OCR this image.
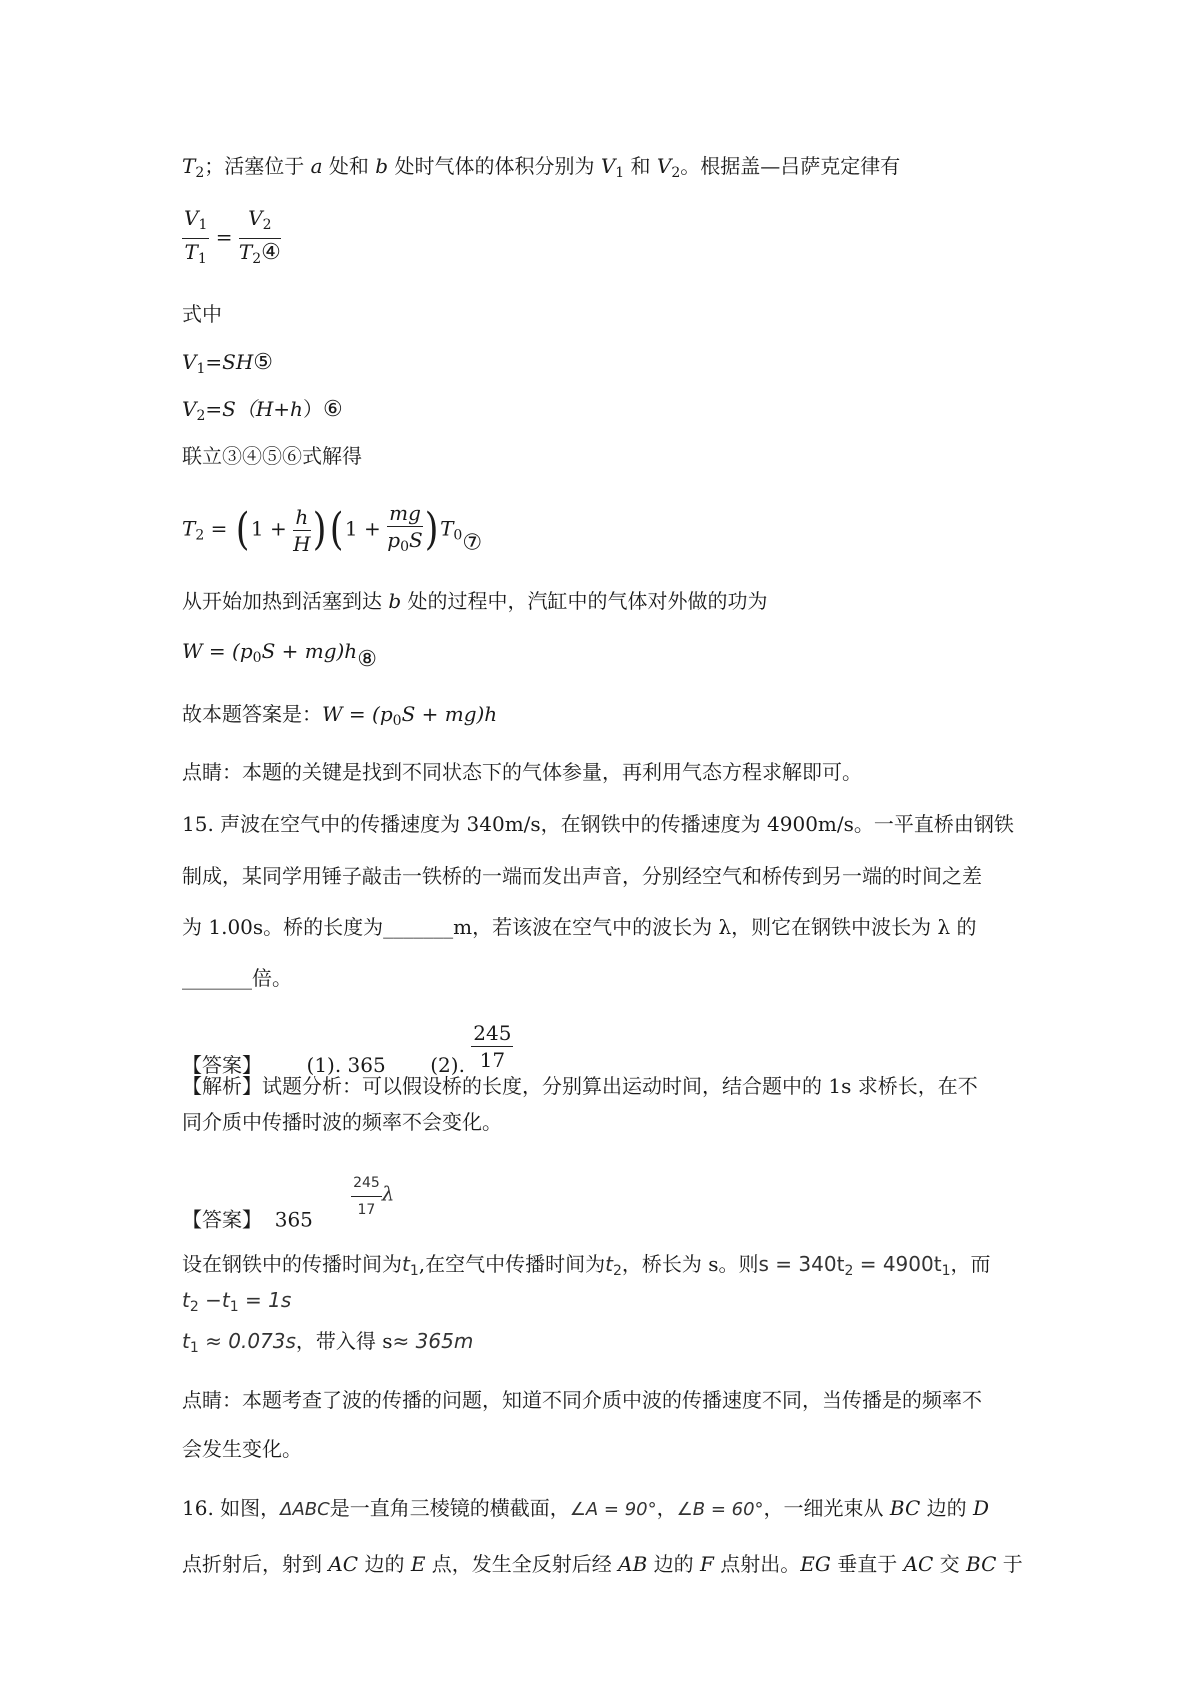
$T_2$；活塞位于 a 处和 b 处时气体的体积分别为 $V_1$ 和 $V_2$。根据盖—吕萨克定律有
$\frac{V_1}{T_1} = \frac{V_2}{T_2④}$
式中
$V_1=SH⑤$
$V_2=S(H+h)⑥$
联立③④⑤⑥式解得
$T_2 = (1 + \frac{h}{H} )(1 + \frac{mg}{p_0S}$ )$T_0⑦$
从开始加热到活塞到达 b 处的过程中，汽缸中的气体对外做的功为
$W = (p_0S$ + mg)h⑧
故本题答案是：$W = (p_0S + mg)h$
点睛：本题的关键是找到不同状态下的气体参量，再利用气态方程求解即可。
15. 声波在空气中的传播速度为 340m/s，在钢铁中的传播速度为 4900m/s。一平直桥由钢铁
制成，某同学用锤子敲击一铁桥的一端而发出声音，分别经空气和桥传到另一端的时间之差
为 1.00s。桥的长度为_______m，若该波在空气中的波长为 λ，则它在钢铁中波长为 λ 的
_______倍。
【答案】 (1). 365 (2). $\frac{245}{17}$
【解析】试题分析：可以假设桥的长度，分别算出运动时间，结合题中的 1s 求桥长，在不
同介质中传播时波的频率不会变化。
【答案】 365	$\frac{245}{17}$ λ
设在钢铁中的传播时间为$t_1$,在空气中传播时间为$t_2$，桥长为 s。则$s = 340t_2 = 4900t_1$，而
$t_2 -t_1 = 1s$
$t_1 \approx 0.073s$，带入得 s≈ 365m
点睛：本题考查了波的传播的问题，知道不同介质中波的传播速度不同，当传播是的频率不
会发生变化。
16. 如图，ΔABC是一直角三棱镜的横截面，∠A = 90°，∠B = 60°，一细光束从 BC 边的 D
点折射后，射到 AC 边的 E 点，发生全反射后经 AB 边的 F 点射出。EG 垂直于 AC 交 BC 于
